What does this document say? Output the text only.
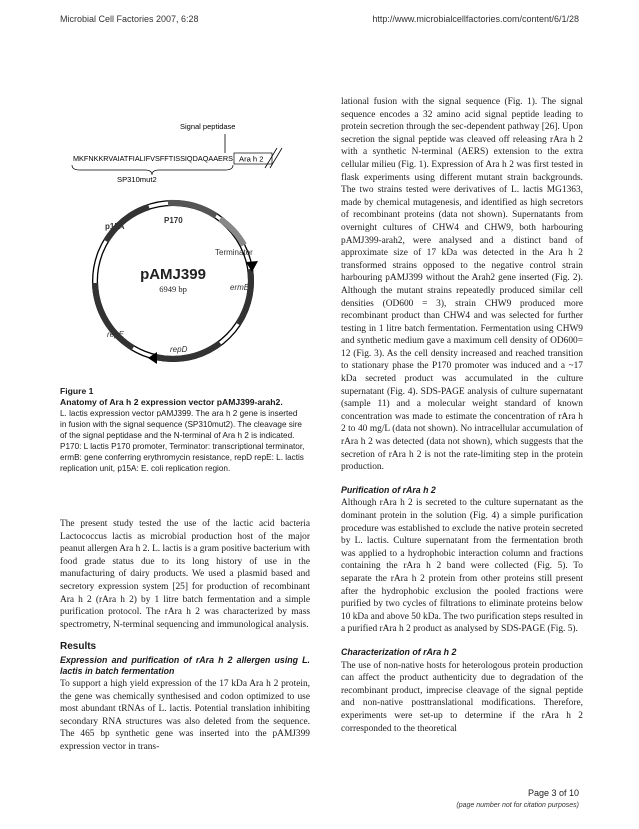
Microbial Cell Factories 2007, 6:28	http://www.microbialcellfactories.com/content/6/1/28
Signal peptidase
MKFNKKRVAIATFIALIFVSFFTISSIQDAQAAERS Ara h 2
SP310mut2
p15A
P170
Terminator
ermB
repE
repD
pAMJ399
6949 bp
Figure 1
Anatomy of Ara h 2 expression vector pAMJ399-arah2.
L. lactis expression vector pAMJ399. The ara h 2 gene is inserted in fusion with the signal sequence (SP310mut2). The cleavage sire of the signal peptidase and the N-terminal of Ara h 2 is indicated. P170: L lactis P170 promoter, Terminator: transcriptional terminator, ermB: gene conferring erythromycin resistance, repD repE: L. lactis replication unit, p15A: E. coli replication region.

The present study tested the use of the lactic acid bacteria Lactococcus lactis as microbial production host of the major peanut allergen Ara h 2. L. lactis is a gram positive bacterium with food grade status due to its long history of use in the manufacturing of dairy products. We used a plasmid based and secretory expression system [25] for production of recombinant Ara h 2 (rAra h 2) by 1 litre batch fermentation and a simple purification protocol. The rAra h 2 was characterized by mass spectrometry, N-terminal sequencing and immunological analysis.

Results
Expression and purification of rAra h 2 allergen using L. lactis in batch fermentation

To support a high yield expression of the 17 kDa Ara h 2 protein, the gene was chemically synthesised and codon optimized to use most abundant tRNAs of L. lactis. Potential translation inhibiting secondary RNA structures was also deleted from the sequence. The 465 bp synthetic gene was inserted into the pAMJ399 expression vector in trans-

lational fusion with the signal sequence (Fig. 1). The signal sequence encodes a 32 amino acid signal peptide leading to protein secretion through the sec-dependent pathway [26]. Upon secretion the signal peptide was cleaved off releasing rAra h 2 with a synthetic N-terminal (AERS) extension to the extra cellular milieu (Fig. 1). Expression of Ara h 2 was first tested in flask experiments using different mutant strain backgrounds. The two strains tested were derivatives of L. lactis MG1363, made by chemical mutagenesis, and identified as high secretors of recombinant proteins (data not shown). Supernatants from overnight cultures of CHW4 and CHW9, both harbouring pAMJ399-arah2, were analysed and a distinct band of approximate size of 17 kDa was detected in the Ara h 2 transformed strains opposed to the negative control strain harbouring pAMJ399 without the Arah2 gene inserted (Fig. 2). Although the mutant strains repeatedly produced similar cell densities (OD600 = 3), strain CHW9 produced more recombinant product than CHW4 and was selected for further testing in 1 litre batch fermentation. Fermentation using CHW9 and synthetic medium gave a maximum cell density of OD600= 12 (Fig. 3). As the cell density increased and reached transition to stationary phase the P170 promoter was induced and a ~17 kDa secreted product was accumulated in the culture supernatant (Fig. 4). SDS-PAGE analysis of culture supernatant (sample 11) and a molecular weight standard of known concentration was made to estimate the concentration of rAra h 2 to 40 mg/L (data not shown). No intracellular accumulation of rAra h 2 was detected (data not shown), which suggests that the secretion of rAra h 2 is not the rate-limiting step in the protein production.

Purification of rAra h 2

Although rAra h 2 is secreted to the culture supernatant as the dominant protein in the solution (Fig. 4) a simple purification procedure was established to exclude the native protein secreted by L. lactis. Culture supernatant from the fermentation broth was applied to a hydrophobic interaction column and fractions containing the rAra h 2 band were collected (Fig. 5). To separate the rAra h 2 protein from other proteins still present after the hydrophobic exclusion the pooled fractions were purified by two cycles of filtrations to eliminate proteins below 10 kDa and above 50 kDa. The two purification steps resulted in a purified rAra h 2 product as analysed by SDS-PAGE (Fig. 5).

Characterization of rAra h 2

The use of non-native hosts for heterologous protein production can affect the product authenticity due to degradation of the recombinant product, imprecise cleavage of the signal peptide and non-native posttranslational modifications. Therefore, experiments were set-up to determine if the rAra h 2 corresponded to the theoretical

Page 3 of 10
(page number not for citation purposes)
